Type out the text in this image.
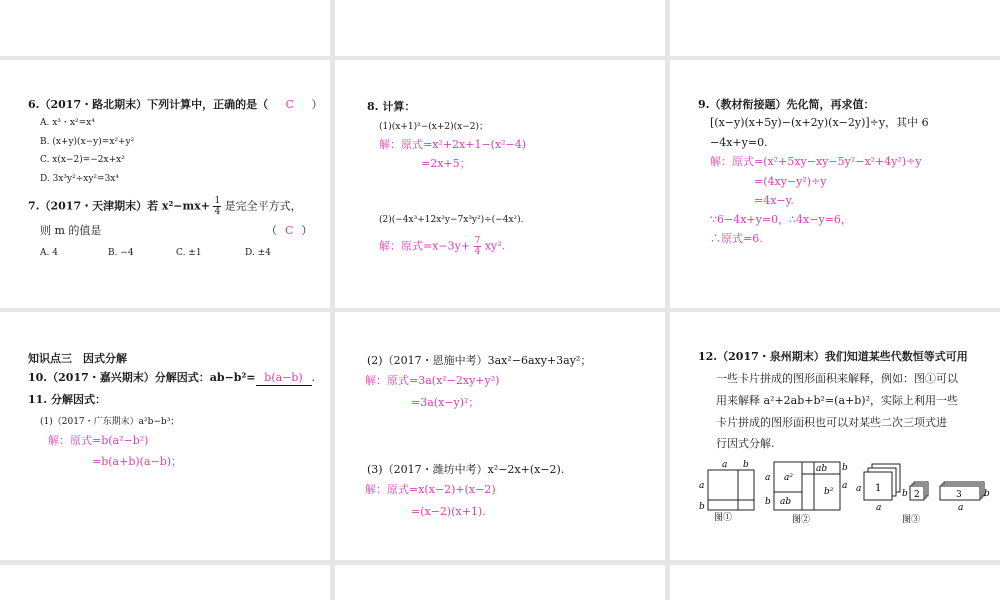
6.（2017・路北期末）下列计算中，正确的是（ C ）
A. x³・x²=x⁴
B. (x+y)(x−y)=x²+y²
C. x(x−2)=−2x+x²
D. 3x³y²÷xy²=3x⁴
7.（2017・天津期末）若 $x^2-mx+ \frac{1}{4}$ 是完全平方式，
则 m 的值是	（ C ）
A. 4	B. −4	C. ±1	D. ±4
8. 计算：
(1)(x+1)²−(x+2)(x−2)；
解：原式=x²+2x+1−(x²−4)
=2x+5；
(2)(−4x³+12x²y−7x³y²)÷(−4x²).
解：原式$=x-3y+ \frac{7}{4} xy^2$.
9.（教材衔接题）先化简，再求值：
[(x−y)(x+5y)−(x+2y)(x−2y)]÷y，其中 6
−4x+y=0.
解：原式=(x²+5xy−xy−5y²−x²+4y²)÷y
=(4xy−y²)÷y
=4x−y.
∵6−4x+y=0，∴4x−y=6，
∴原式=6.
知识点三　因式分解
10.（2017・嘉兴期末）分解因式：ab−b²= b(a−b) .
11. 分解因式：
(1)（2017・广东期末）a²b−b³；
解：原式=b(a²−b²)
=b(a+b)(a−b)；
(2)（2017・恩施中考）3ax²−6axy+3ay²；
解：原式=3a(x²−2xy+y²)
=3a(x−y)²；
(3)（2017・潍坊中考）x²−2x+(x−2).
解：原式=x(x−2)+(x−2)
=(x−2)(x+1).
12.（2017・泉州期末）我们知道某些代数恒等式可用
一些卡片拼成的图形面积来解释，例如：图①可以
用来解释 a²+2ab+b²=(a+b)²，实际上利用一些
卡片拼成的图形面积也可以对某些二次三项式进
行因式分解.
a b
a
b
图①
a²
ab
ab
b²
a
b
a
b
图②
1
a
a
2
b	3 b
a
图③
